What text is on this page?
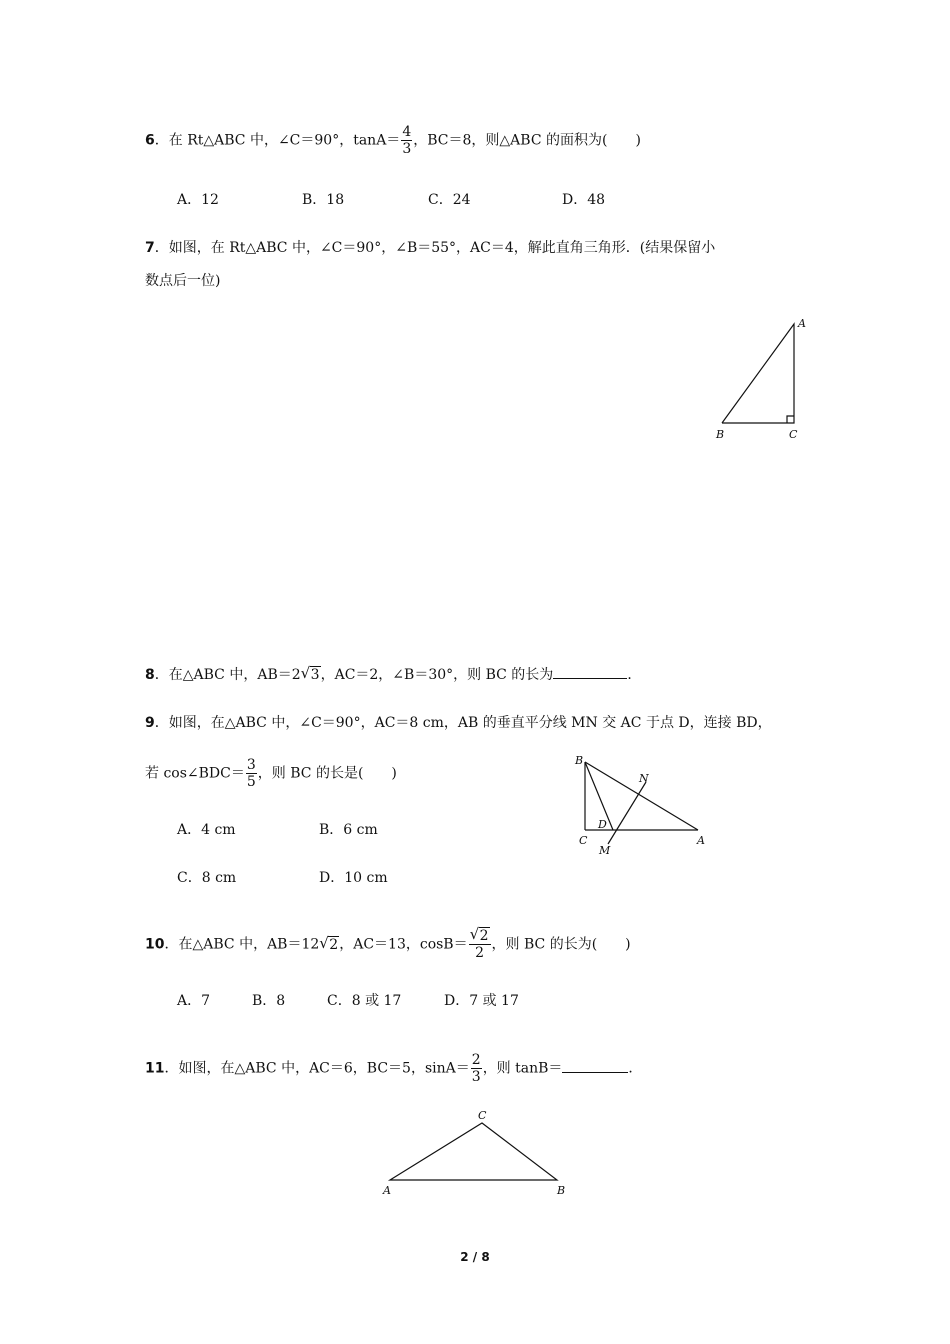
6．在 Rt△ABC 中，∠C＝90°，$\tan A= \frac{4}{3}$ ，BC＝8，则△ABC 的面积为(　　)
A．12	B．18	C．24	D．48
7．如图，在 Rt△ABC 中，∠C＝90°，∠B＝55°，AC＝4，解此直角三角形．(结果保留小
数点后一位)
A
B	C
8．在△ABC 中，AB＝2 √ 3，AC＝2，∠B＝30°，则 BC 的长为	．
9．如图，在△ABC 中，∠C＝90°，AC＝8 cm，AB 的垂直平分线 MN 交 AC 于点 D，连接 BD，
若 cos∠BDC＝ $\frac{3}{5}$ ，则 BC 的长是(　　)
A．4 cm	B．6 cm
C．8 cm	D．10 cm
B
C	A
D
M
N
10．在△ABC 中，AB＝12 √ 2，AC＝13，$\cos B= \frac{√ 2}{2}$ ，则 BC 的长为(　　)
A．7	B．8	C．8 或 17	D．7 或 17
11．如图，在△ABC 中，AC＝6，BC＝5，$\sin A= \frac{2}{3}$ ，则 tanB＝	．
C
A	B
2 / 8
